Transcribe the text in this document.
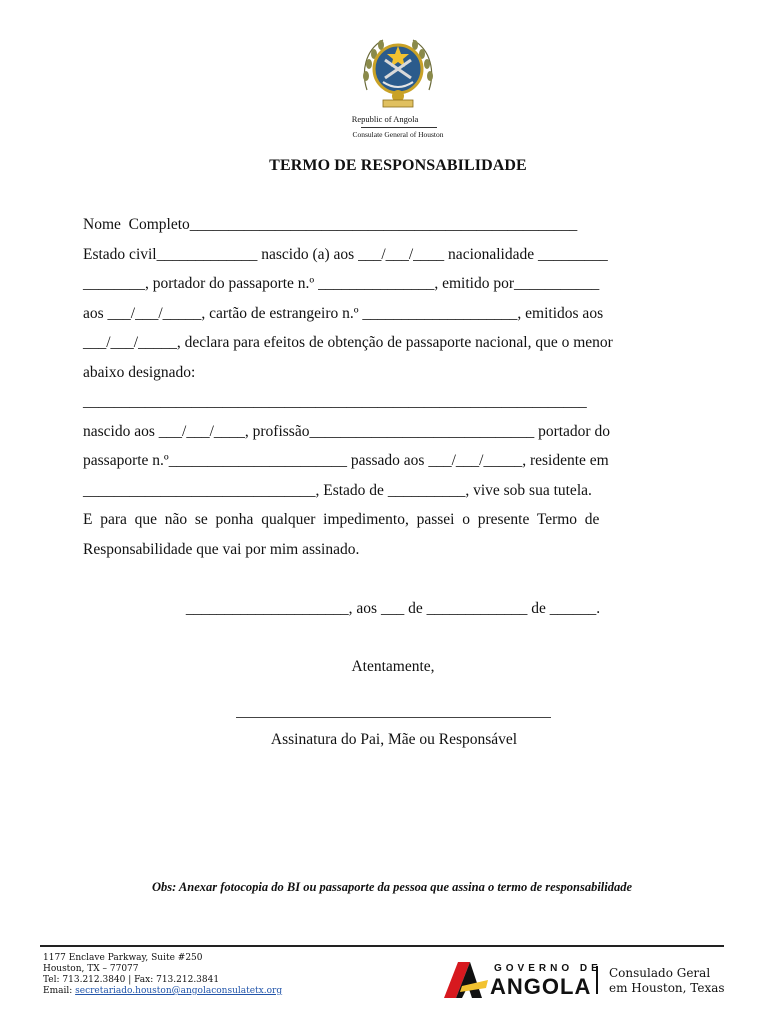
Republic of Angola
Consulate General of Houston
TERMO DE RESPONSABILIDADE
Nome  Completo__________________________________________________
Estado civil_____________ nascido (a) aos ___/___/____ nacionalidade _________
________, portador do passaporte n.º _______________, emitido por___________
aos ___/___/_____, cartão de estrangeiro n.º ____________________, emitidos aos
___/___/_____, declara para efeitos de obtenção de passaporte nacional, que o menor
abaixo designado:
_________________________________________________________________
nascido aos ___/___/____, profissão_____________________________ portador do
passaporte n.º_______________________ passado aos ___/___/_____, residente em
______________________________, Estado de __________, vive sob sua tutela.
E  para  que  não  se  ponha  qualquer  impedimento,  passei  o  presente  Termo  de
Responsabilidade que vai por mim assinado.
_____________________, aos ___ de _____________ de ______.
Atentamente,
Assinatura do Pai, Mãe ou Responsável
Obs: Anexar fotocopia do BI ou passaporte da pessoa que assina o termo de responsabilidade
1177 Enclave Parkway, Suite #250
Houston, TX – 77077
Tel: 713.212.3840 | Fax: 713.212.3841
Email: secretariado.houston@angolaconsulatetx.org
GOVERNO DE
ANGOLA
Consulado Geral
em Houston, Texas
